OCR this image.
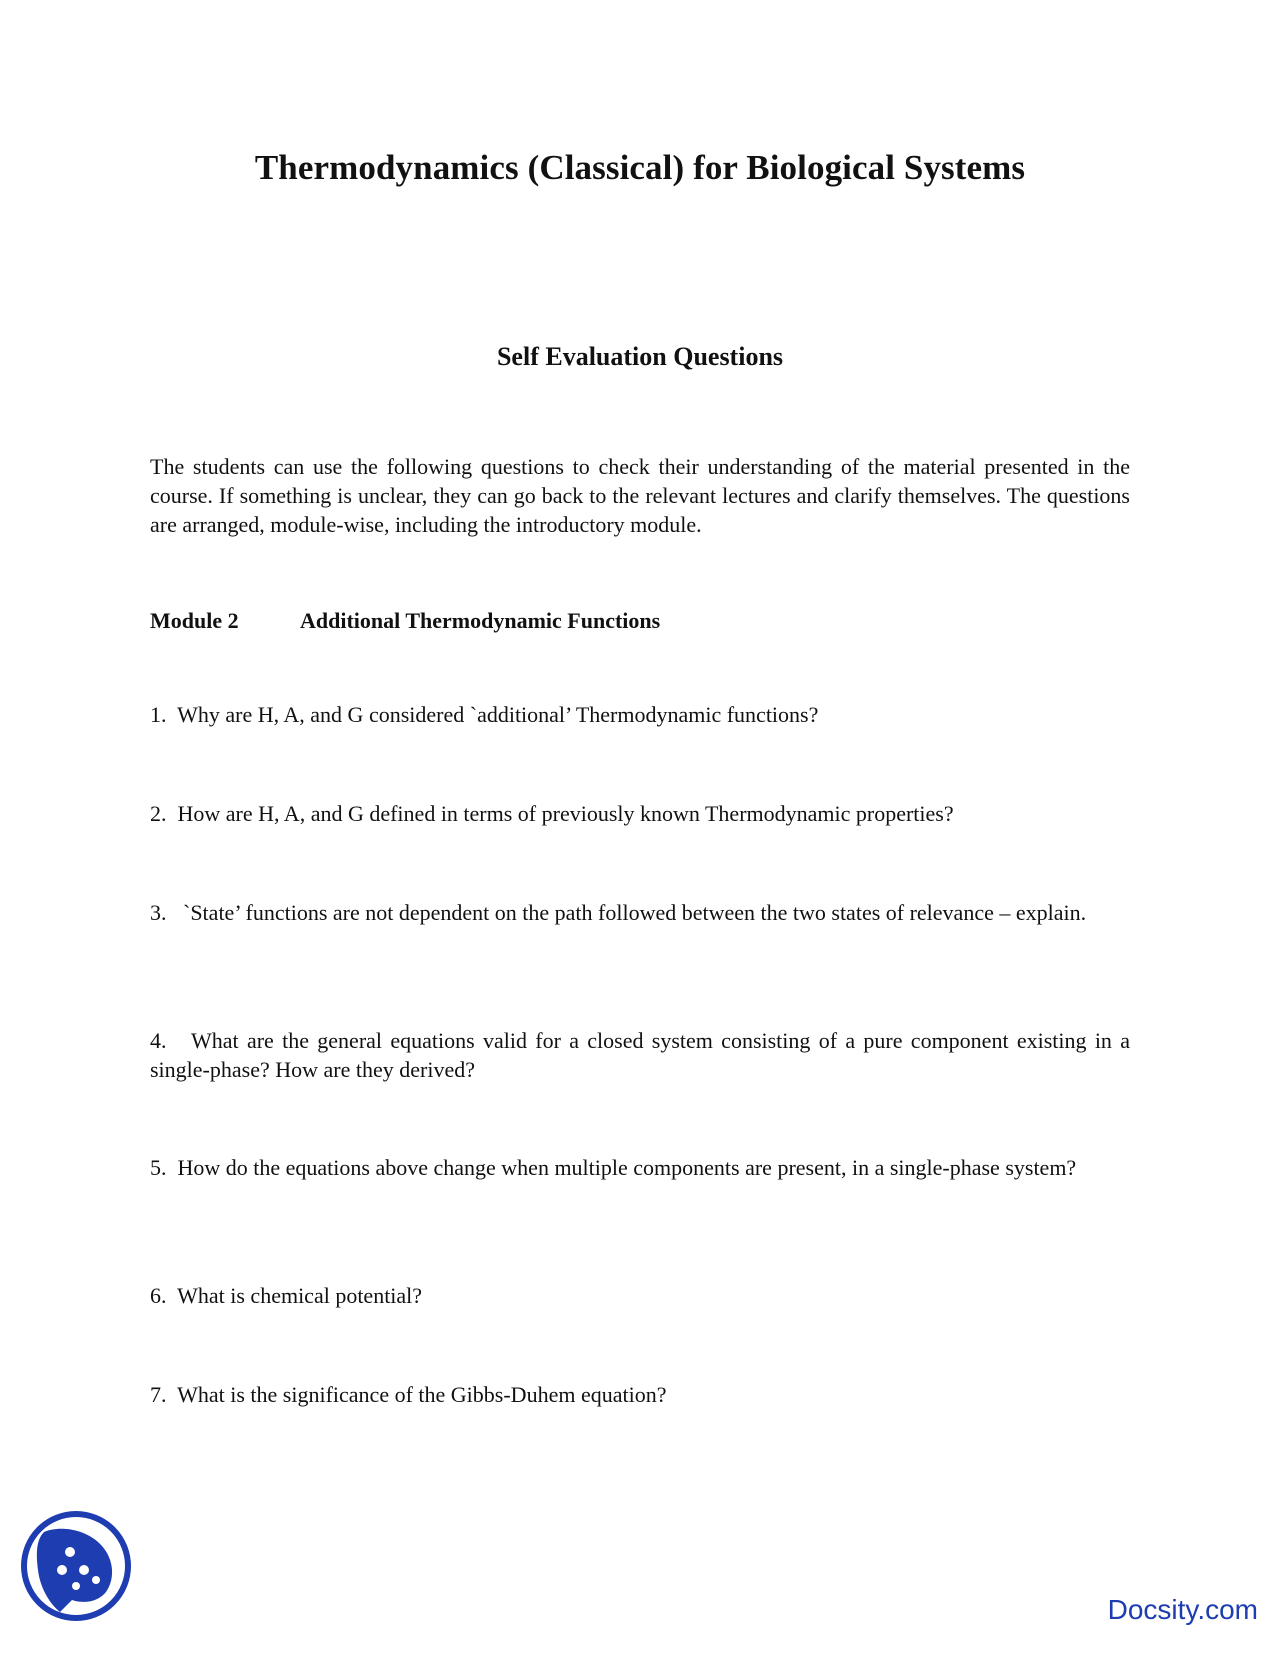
Thermodynamics (Classical) for Biological Systems
Self Evaluation Questions

The students can use the following questions to check their understanding of the material presented in the course. If something is unclear, they can go back to the relevant lectures and clarify themselves. The questions are arranged, module-wise, including the introductory module.

Module 2	Additional Thermodynamic Functions

1. Why are H, A, and G considered `additional’ Thermodynamic functions?

2. How are H, A, and G defined in terms of previously known Thermodynamic properties?

3. `State’ functions are not dependent on the path followed between the two states of relevance – explain.

4. What are the general equations valid for a closed system consisting of a pure component existing in a single-phase? How are they derived?

5. How do the equations above change when multiple components are present, in a single-phase system?

6. What is chemical potential?

7. What is the significance of the Gibbs-Duhem equation?

Docsity.com
